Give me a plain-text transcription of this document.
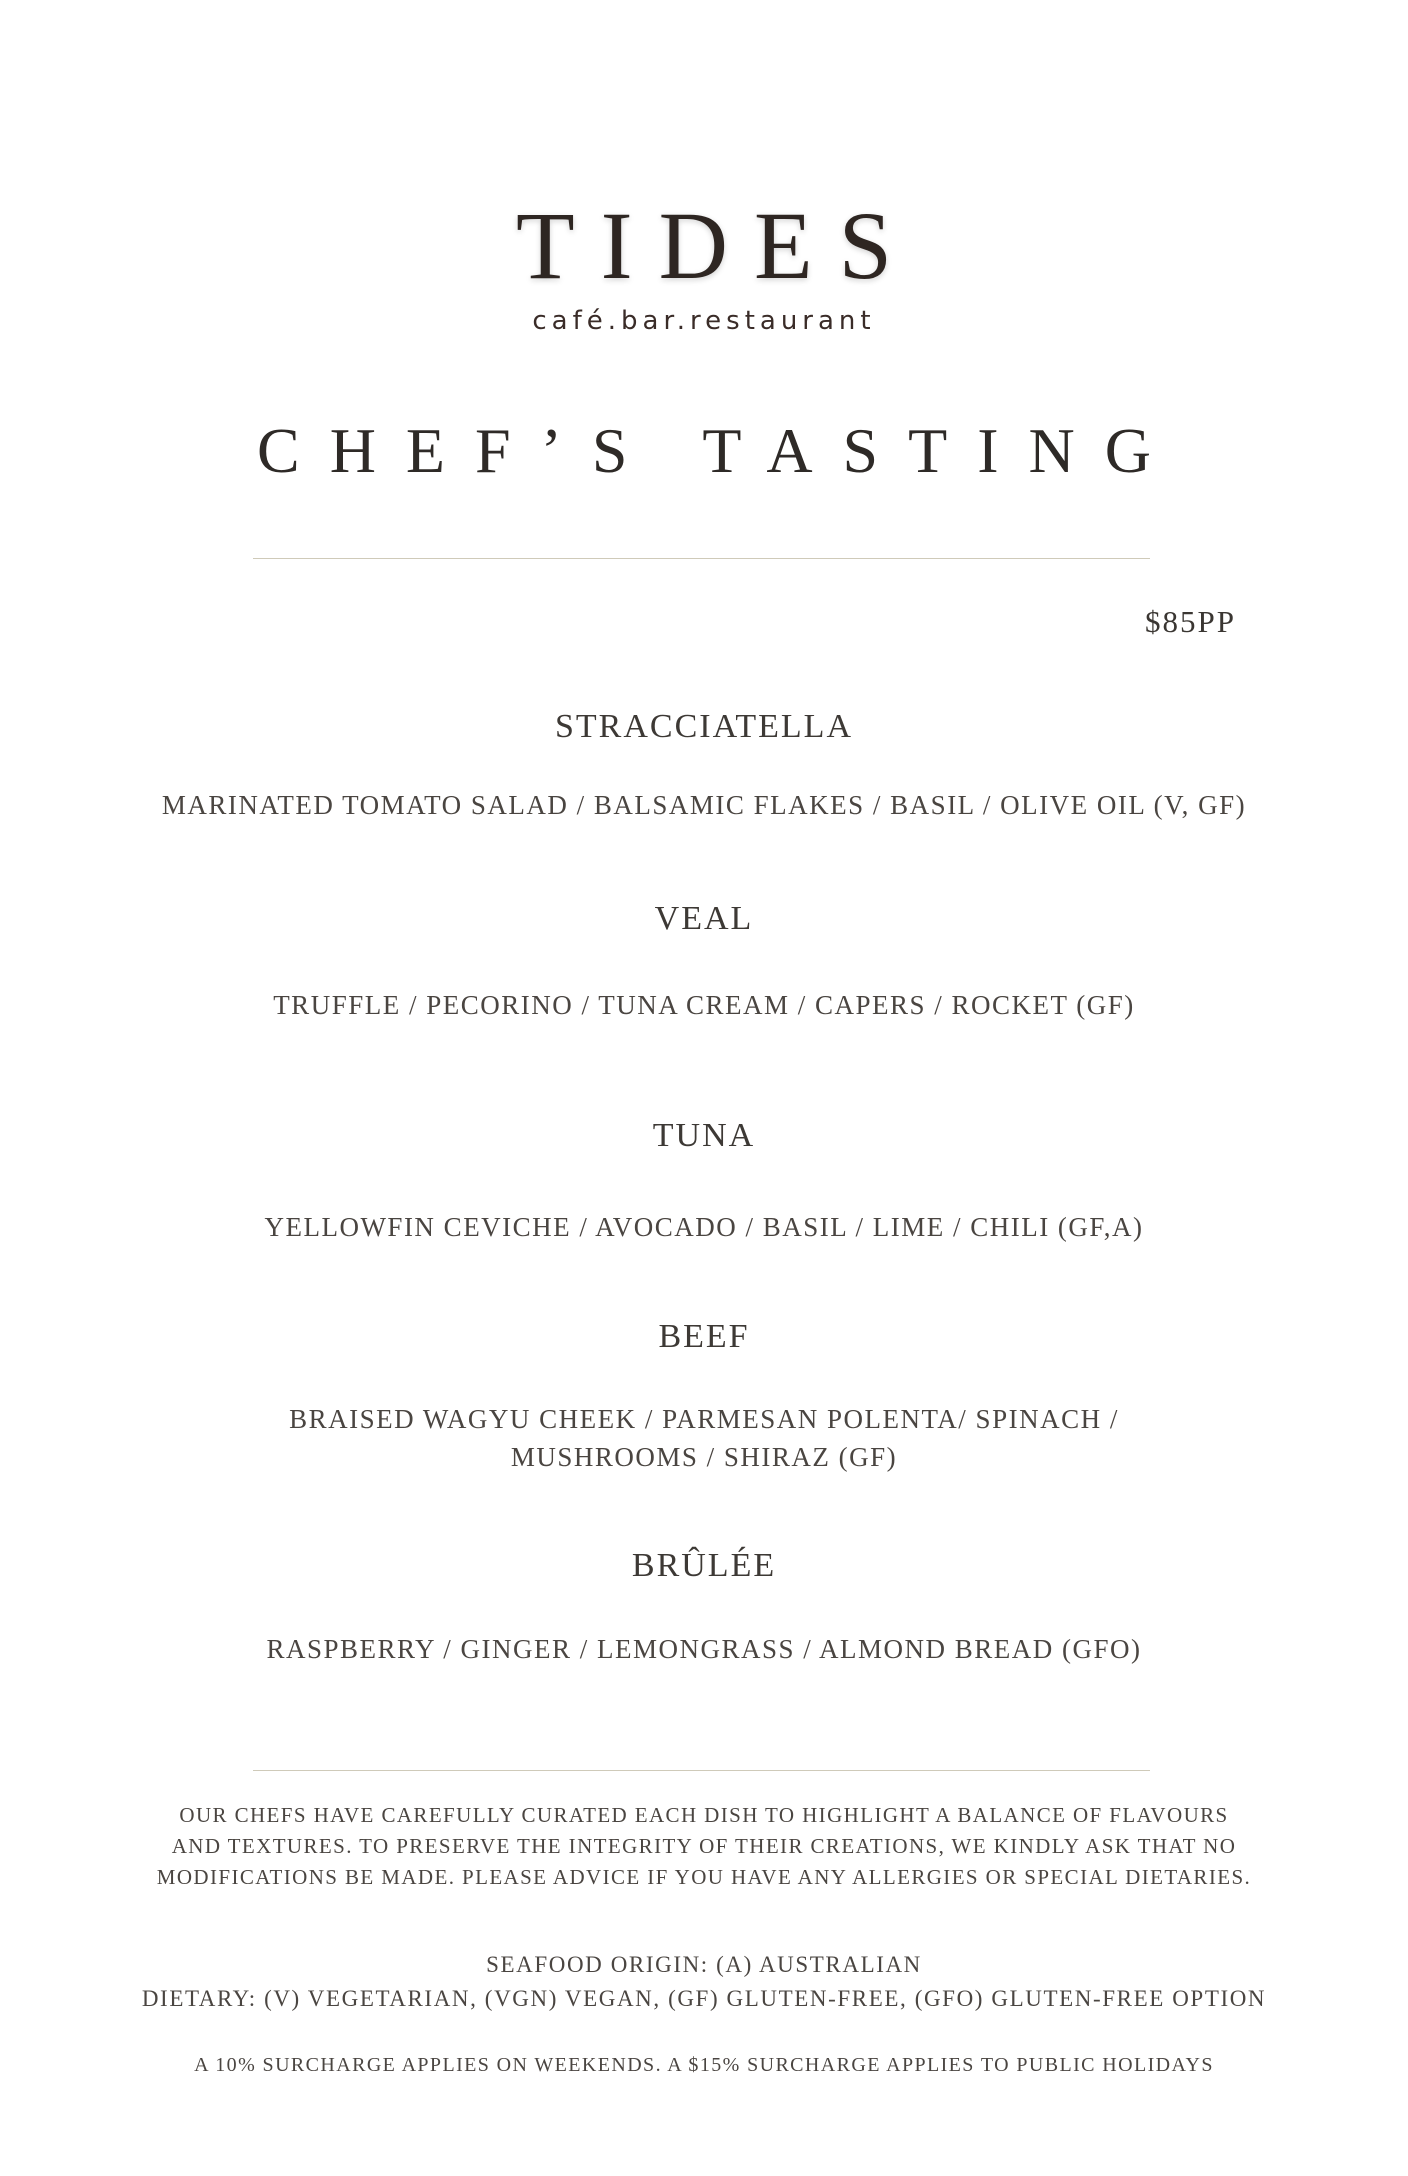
TIDES
café.bar.restaurant
CHEF’S TASTING

$85PP

STRACCIATELLA
MARINATED TOMATO SALAD / BALSAMIC FLAKES / BASIL / OLIVE OIL (V, GF)
VEAL
TRUFFLE / PECORINO / TUNA CREAM / CAPERS / ROCKET (GF)
TUNA
YELLOWFIN CEVICHE / AVOCADO / BASIL / LIME / CHILI (GF,A)
BEEF
BRAISED WAGYU CHEEK / PARMESAN POLENTA/ SPINACH /
MUSHROOMS / SHIRAZ (GF)
BRÛLÉE
RASPBERRY / GINGER / LEMONGRASS / ALMOND BREAD (GFO)
OUR CHEFS HAVE CAREFULLY CURATED EACH DISH TO HIGHLIGHT A BALANCE OF FLAVOURS
AND TEXTURES. TO PRESERVE THE INTEGRITY OF THEIR CREATIONS, WE KINDLY ASK THAT NO
MODIFICATIONS BE MADE. PLEASE ADVICE IF YOU HAVE ANY ALLERGIES OR SPECIAL DIETARIES.
SEAFOOD ORIGIN: (A) AUSTRALIAN
DIETARY: (V) VEGETARIAN, (VGN) VEGAN, (GF) GLUTEN-FREE, (GFO) GLUTEN-FREE OPTION
A 10% SURCHARGE APPLIES ON WEEKENDS. A $15% SURCHARGE APPLIES TO PUBLIC HOLIDAYS
